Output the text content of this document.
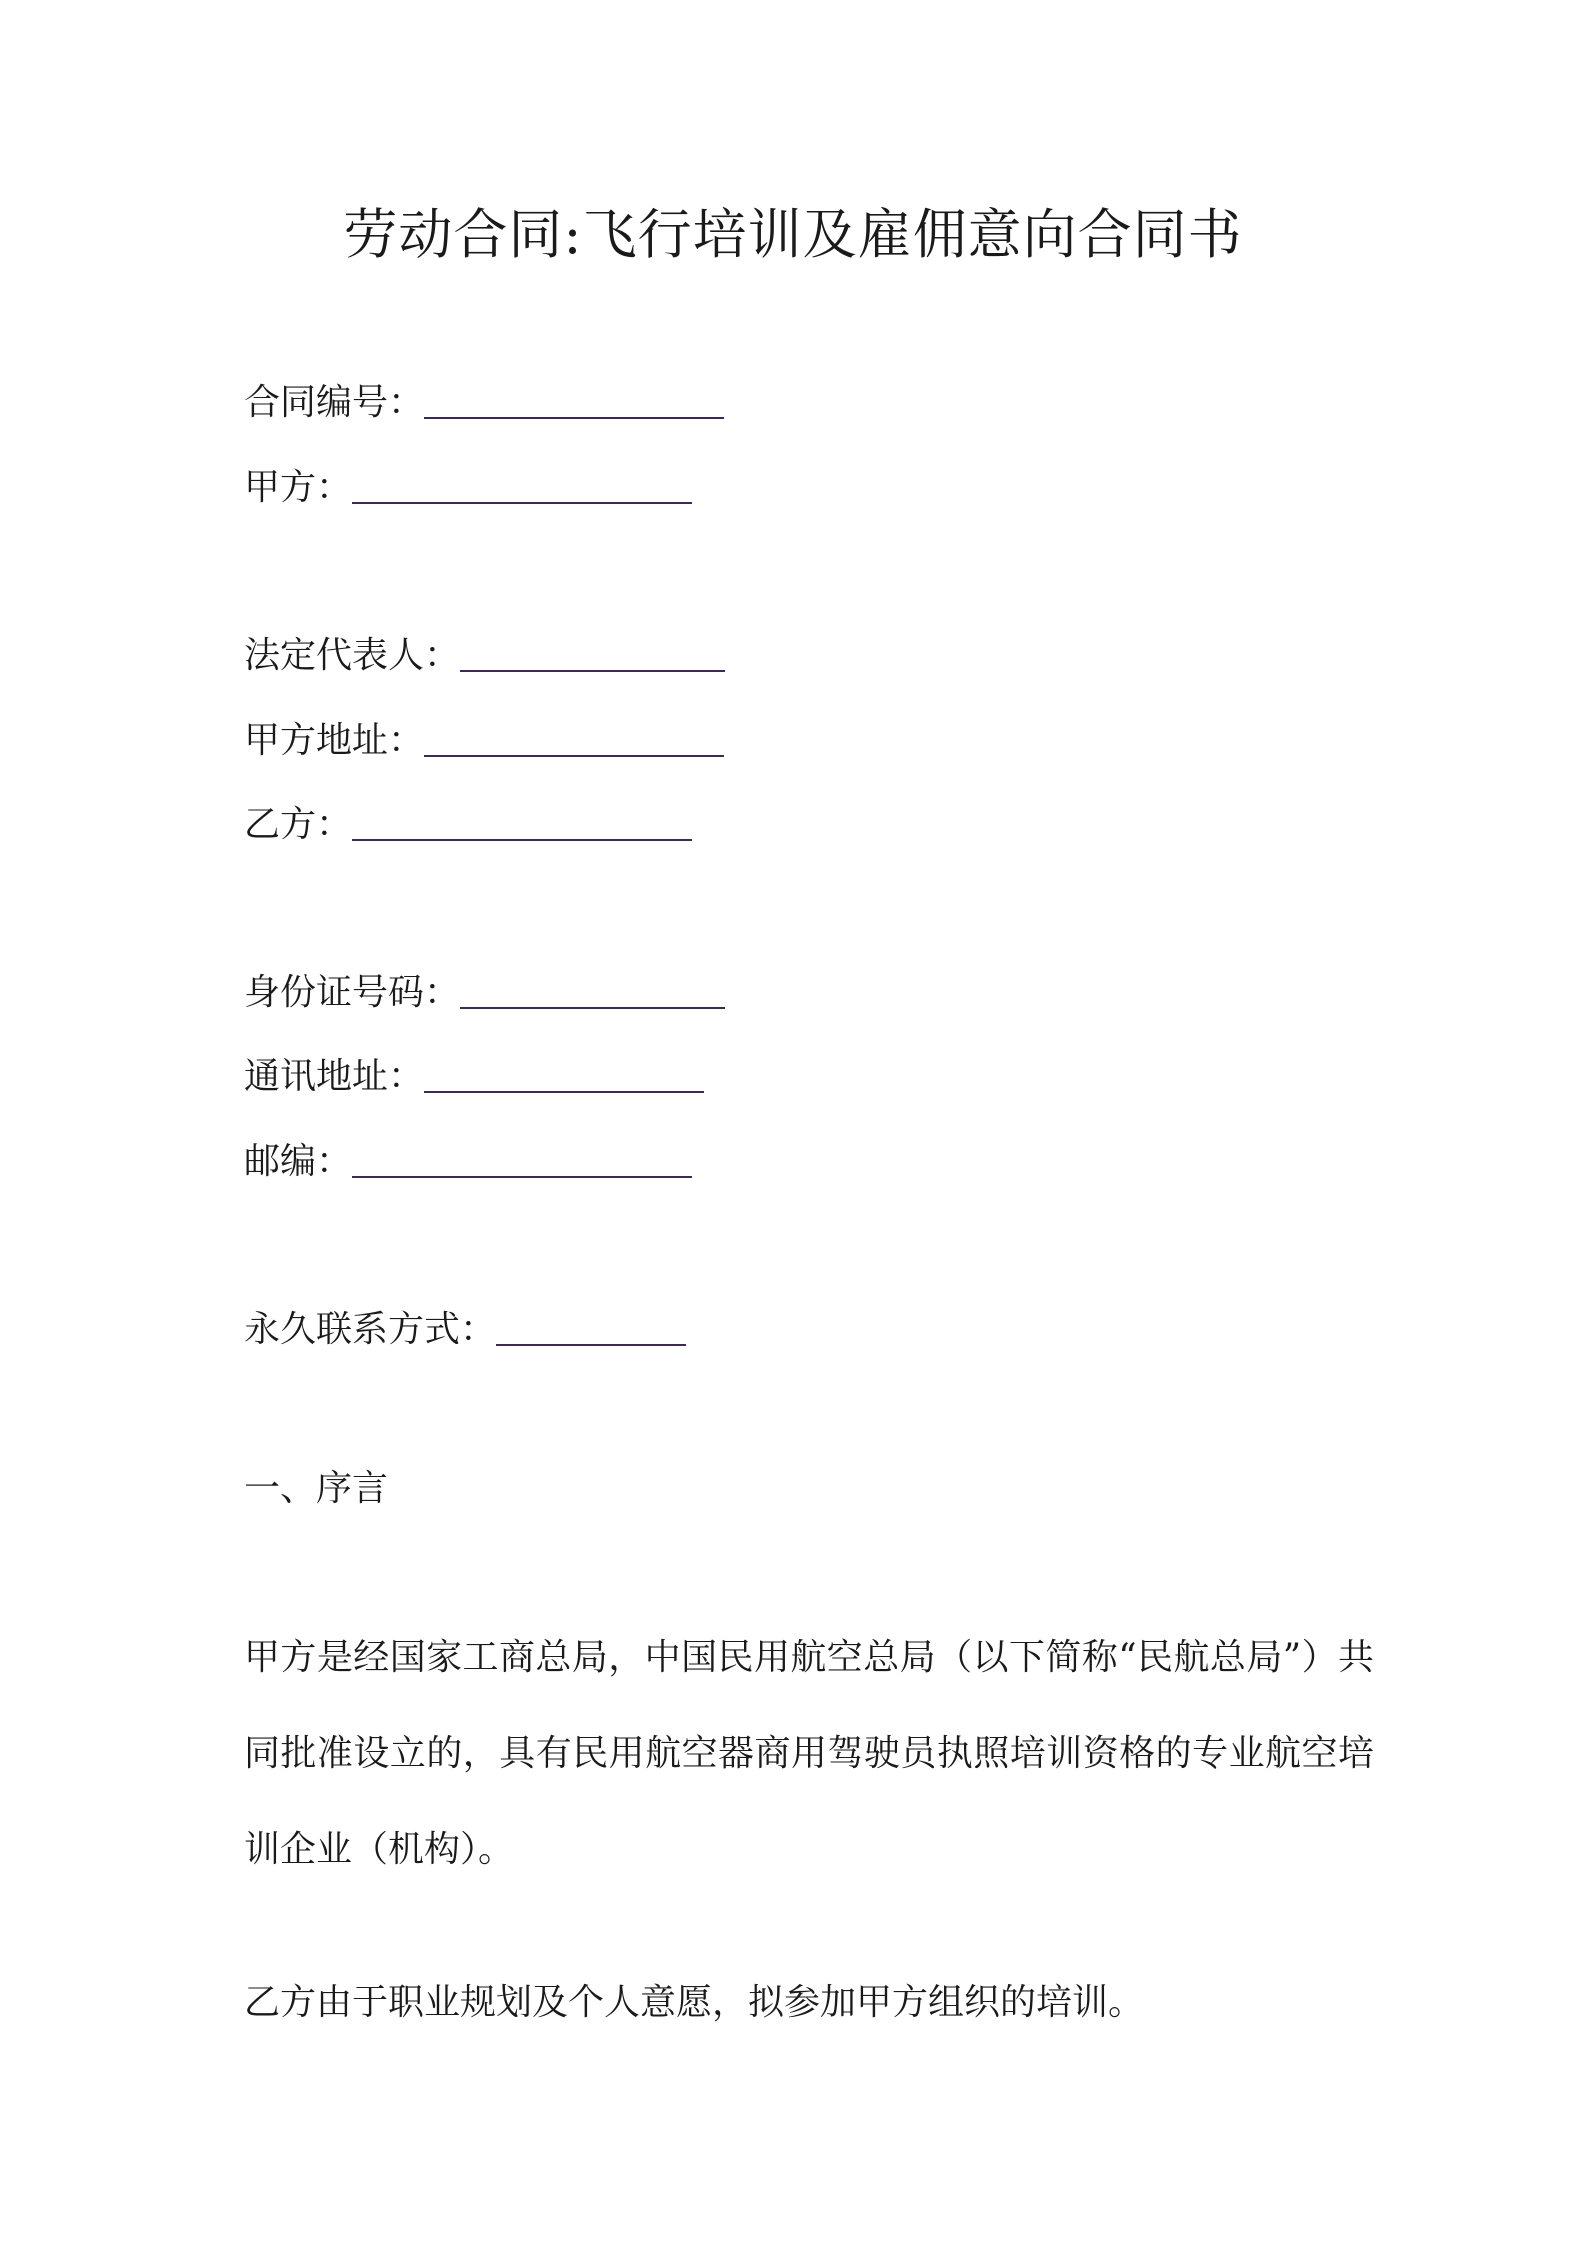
劳动合同:飞行培训及雇佣意向合同书
合同编号：
甲方：
法定代表人：
甲方地址：
乙方：
身份证号码：
通讯地址：
邮编：
永久联系方式：
一、序言

甲方是经国家工商总局，中国民用航空总局（以下简称“民航总局”）共同批准设立的，具有民用航空器商用驾驶员执照培训资格的专业航空培训企业（机构）。

乙方由于职业规划及个人意愿，拟参加甲方组织的培训。
